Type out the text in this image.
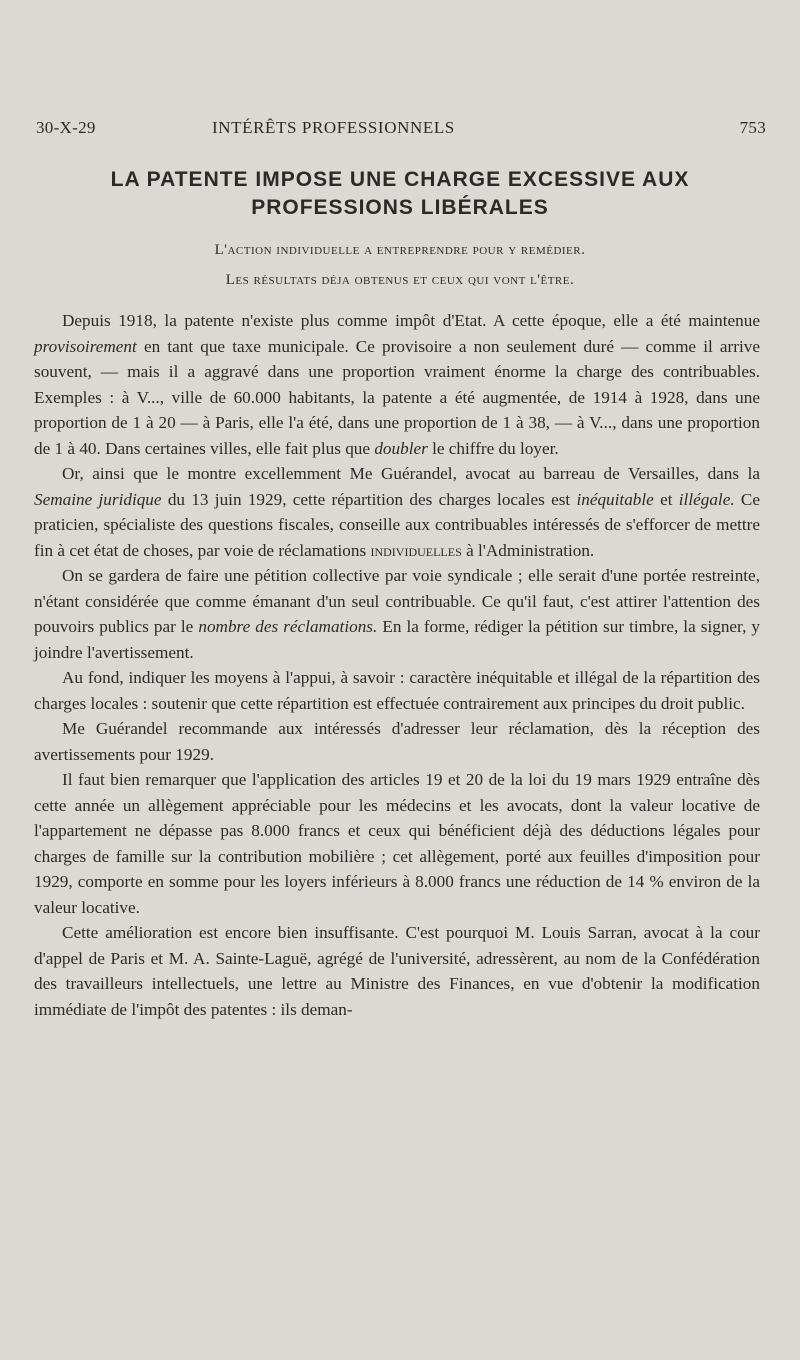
30-X-29	INTÉRÊTS PROFESSIONNELS	753
LA PATENTE IMPOSE UNE CHARGE EXCESSIVE AUX
PROFESSIONS LIBÉRALES
L'action individuelle a entreprendre pour y remédier.
Les résultats déja obtenus et ceux qui vont l'être.

Depuis 1918, la patente n'existe plus comme impôt d'Etat. A cette époque, elle a été maintenue provisoirement en tant que taxe municipale. Ce provisoire a non seulement duré — comme il arrive souvent, — mais il a aggravé dans une proportion vraiment énorme la charge des contribuables. Exemples : à V..., ville de 60.000 habitants, la patente a été augmentée, de 1914 à 1928, dans une proportion de 1 à 20 — à Paris, elle l'a été, dans une proportion de 1 à 38, — à V..., dans une proportion de 1 à 40. Dans certaines villes, elle fait plus que doubler le chiffre du loyer.

Or, ainsi que le montre excellemment Me Guérandel, avocat au barreau de Versailles, dans la Semaine juridique du 13 juin 1929, cette répartition des charges locales est inéquitable et illégale. Ce praticien, spécialiste des questions fiscales, conseille aux contribuables intéressés de s'efforcer de mettre fin à cet état de choses, par voie de réclamations individuelles à l'Administration.

On se gardera de faire une pétition collective par voie syndicale ; elle serait d'une portée restreinte, n'étant considérée que comme émanant d'un seul contribuable. Ce qu'il faut, c'est attirer l'attention des pouvoirs publics par le nombre des réclamations. En la forme, rédiger la pétition sur timbre, la signer, y joindre l'avertissement.

Au fond, indiquer les moyens à l'appui, à savoir : caractère inéquitable et illégal de la répartition des charges locales : soutenir que cette répartition est effectuée contrairement aux principes du droit public.

Me Guérandel recommande aux intéressés d'adresser leur réclamation, dès la réception des avertissements pour 1929.

Il faut bien remarquer que l'application des articles 19 et 20 de la loi du 19 mars 1929 entraîne dès cette année un allègement appréciable pour les médecins et les avocats, dont la valeur locative de l'appartement ne dépasse pas 8.000 francs et ceux qui bénéficient déjà des déductions légales pour charges de famille sur la contribution mobilière ; cet allègement, porté aux feuilles d'imposition pour 1929, comporte en somme pour les loyers inférieurs à 8.000 francs une réduction de 14 % environ de la valeur locative.

Cette amélioration est encore bien insuffisante. C'est pourquoi M. Louis Sarran, avocat à la cour d'appel de Paris et M. A. Sainte-Laguë, agrégé de l'université, adressèrent, au nom de la Confédération des travailleurs intellectuels, une lettre au Ministre des Finances, en vue d'obtenir la modification immédiate de l'impôt des patentes : ils deman-
